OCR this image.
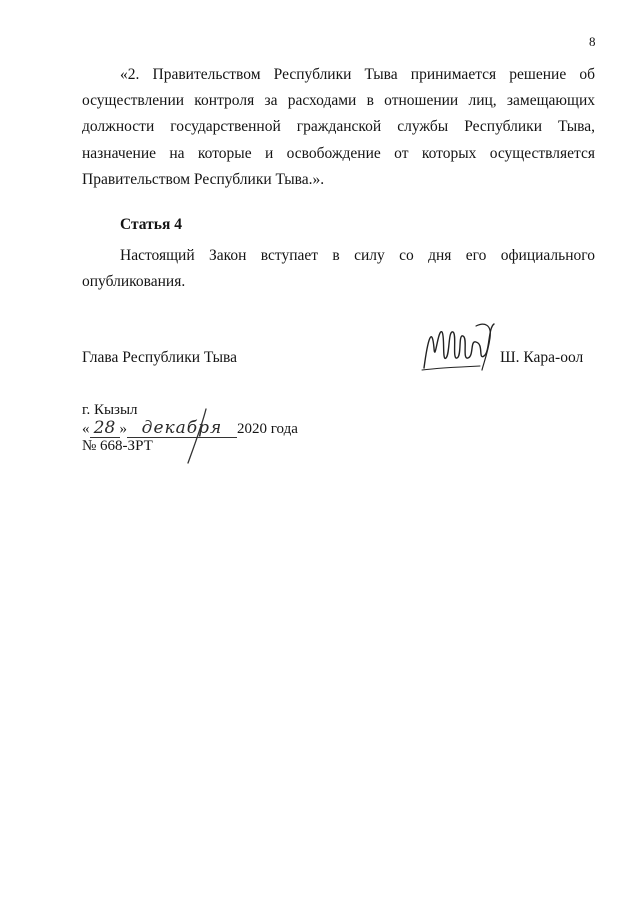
8
«2. Правительством Республики Тыва принимается решение об
осуществлении контроля за расходами в отношении лиц, замещающих
должности государственной гражданской службы Республики Тыва,
назначение на которые и освобождение от которых осуществляется
Правительством Республики Тыва.».
Статья 4
Настоящий Закон вступает в силу со дня его официального
опубликования.
Глава Республики Тыва	Ш. Кара-оол
г. Кызыл
« 28 » декабря 2020 года
№ 668-ЗРТ
